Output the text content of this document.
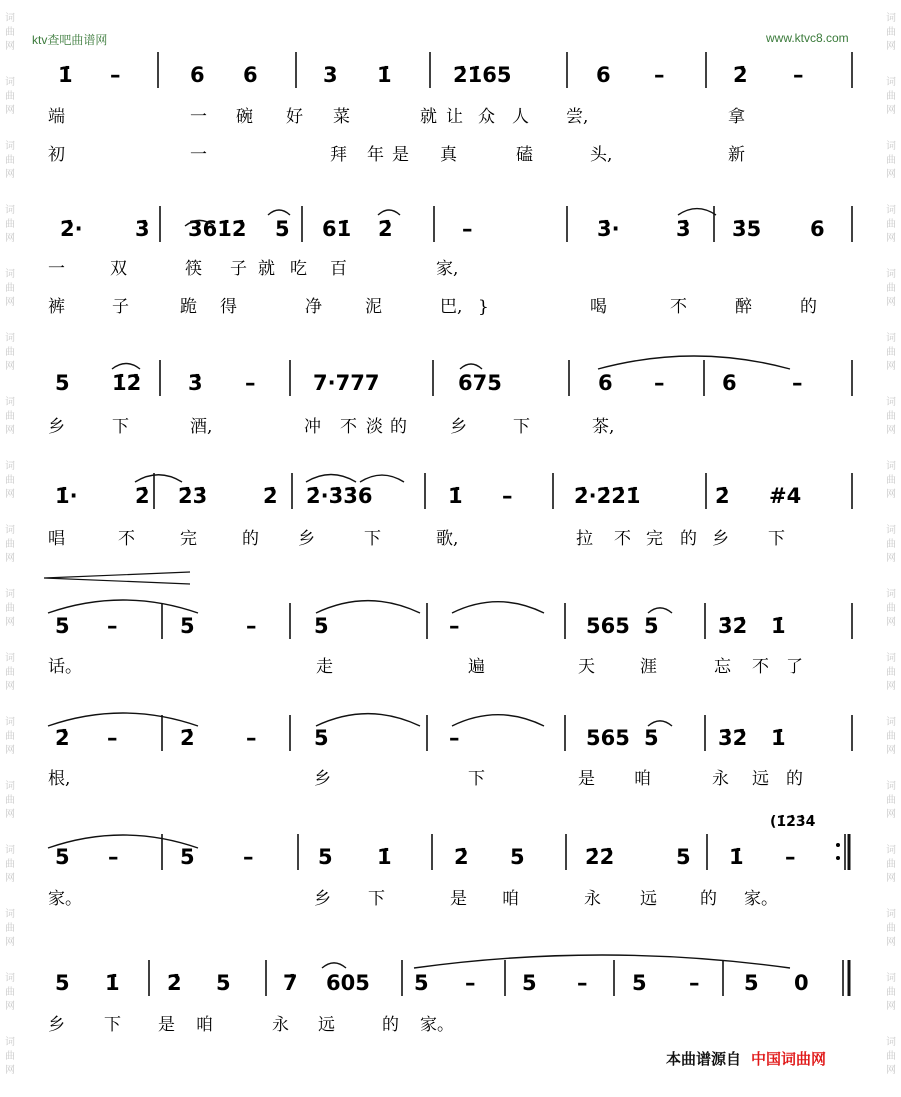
词
曲
网
词
曲
网
词
曲
网
词
曲
网
词
曲
网
词
曲
网
词
曲
网
词
曲
网
词
曲
网
词
曲
网
词
曲
网
词
曲
网
词
曲
网
词
曲
网
词
曲
网
词
曲
网
词
曲
网
词
曲
网
词
曲
网
词
曲
网
词
曲
网
词
曲
网
词
曲
网
词
曲
网
词
曲
网
词
曲
网
词
曲
网
词
曲
网
词
曲
网
词
曲
网
词
曲
网
词
曲
网
词
曲
网
词
曲
网
ktv查吧曲谱网	www.ktvc8.com
1̇ –	6 6	3 1̇	2̇1̇65	6 –	2̇ –
端	一 碗 好 菜	就 让 众 人 尝,	拿
初	一	拜 年 是 真	磕	头,	新
2̇· 3̇ 3̇61̇2̇ 5 61̇ 2̇	–	3̇·	3̇ 3̇5 6
一	双	筷 子 就 吃 百	家,
裤	子	跪 得	净	泥	巴, }	喝	不	醉	的
5 1̇2̇ 3̇ –	7·777	675	6 –	6	–
乡	下	酒,	冲 不 淡 的	乡	下	茶,
1̇·	2̇ 2̇3̇	2̇ 2̇·3̇3̇6	1̇ –	2̇·2̇2̇1̇	2̇ #4
唱	不	完	的 乡	下	歌,	拉 不 完 的 乡 下
5 –	5 –	5	–	565 5	3̇2̇ 1̇
话。	走	遍	天	涯	忘 不 了
2̇ –	2̇ –	5	–	565 5	3̇2̇ 1̇
根,	乡	下	是 咱	永 远 的
5 –	5 –	5 1̇	2̇ 5	2̇2̇	5 1̇ –
家。	乡 下	是 咱	永 远	的 家。
(1̇2̇3̇4̇
5 1̇ 2̇ 5 7̇ 605 5 – 5 – 5 – 5 0
乡 下 是 咱	永 远	的 家。
本曲谱源自 中国词曲网
